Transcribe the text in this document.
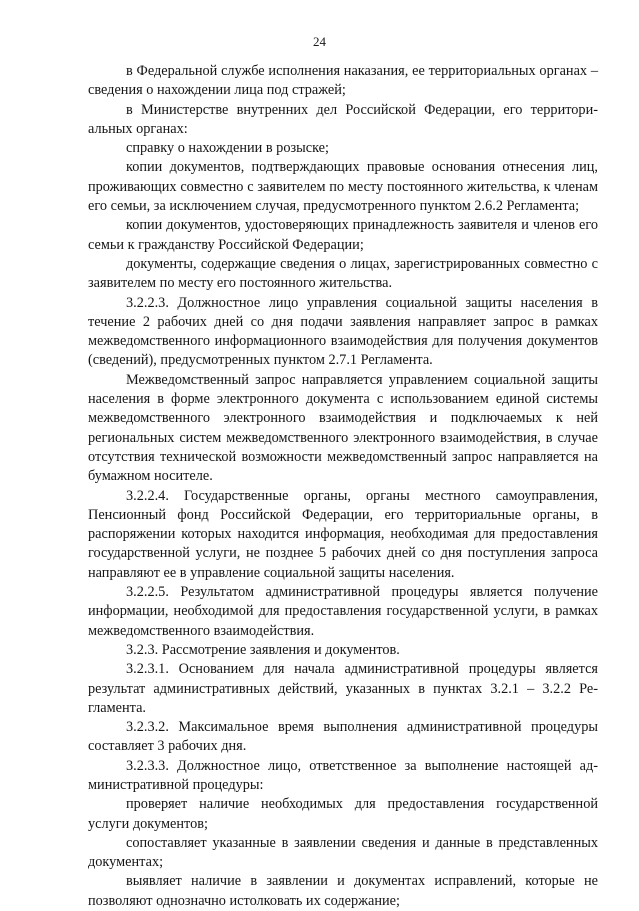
24

в Федеральной службе исполнения наказания, ее территориальных органах – сведения о нахождении лица под стражей;

в Министерстве внутренних дел Российской Федерации, его территориальных органах:

справку о нахождении в розыске;

копии документов, подтверждающих правовые основания отнесения лиц, проживающих совместно с заявителем по месту постоянного жительства, к членам его семьи, за исключением случая, предусмотренного пунктом 2.6.2 Регламента;

копии документов, удостоверяющих принадлежность заявителя и членов его семьи к гражданству Российской Федерации;

документы, содержащие сведения о лицах, зарегистрированных совместно с заявителем по месту его постоянного жительства.

3.2.2.3. Должностное лицо управления социальной защиты населения в течение 2 рабочих дней со дня подачи заявления направляет запрос в рамках межведомственного информационного взаимодействия для получения документов (сведений), предусмотренных пунктом 2.7.1 Регламента.

Межведомственный запрос направляется управлением социальной защиты населения в форме электронного документа с использованием единой системы межведомственного электронного взаимодействия и подключаемых к ней региональных систем межведомственного электронного взаимодействия, в случае отсутствия технической возможности межведомственный запрос направляется на бумажном носителе.

3.2.2.4. Государственные органы, органы местного самоуправления, Пенсионный фонд Российской Федерации, его территориальные органы, в распоряжении которых находится информация, необходимая для предоставления государственной услуги, не позднее 5 рабочих дней со дня поступления запроса направляют ее в управление социальной защиты населения.

3.2.2.5. Результатом административной процедуры является получение информации, необходимой для предоставления государственной услуги, в рамках межведомственного взаимодействия.

3.2.3. Рассмотрение заявления и документов.

3.2.3.1. Основанием для начала административной процедуры является результат административных действий, указанных в пунктах 3.2.1 – 3.2.2 Регламента.

3.2.3.2. Максимальное время выполнения административной процедуры составляет 3 рабочих дня.

3.2.3.3. Должностное лицо, ответственное за выполнение настоящей административной процедуры:

проверяет наличие необходимых для предоставления государственной услуги документов;

сопоставляет указанные в заявлении сведения и данные в представленных документах;

выявляет наличие в заявлении и документах исправлений, которые не позволяют однозначно истолковать их содержание;
